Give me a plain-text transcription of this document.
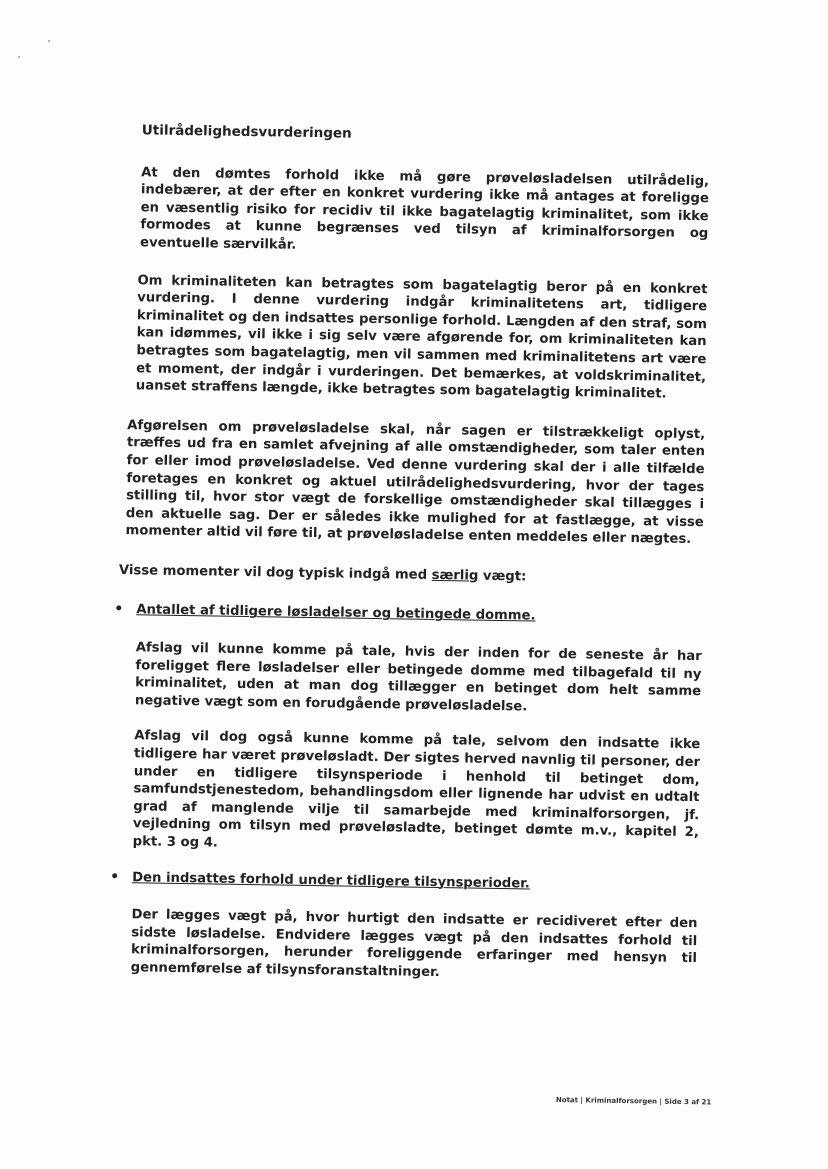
Utilrådelighedsvurderingen

At den dømtes forhold ikke må gøre prøveløsladelsen utilrådelig, indebærer, at der efter en konkret vurdering ikke må antages at foreligge en væsentlig risiko for recidiv til ikke bagatelagtig kriminalitet, som ikke formodes at kunne begrænses ved tilsyn af kriminalforsorgen og eventuelle særvilkår.

Om kriminaliteten kan betragtes som bagatelagtig beror på en konkret vurdering. I denne vurdering indgår kriminalitetens art, tidligere kriminalitet og den indsattes personlige forhold. Længden af den straf, som kan idømmes, vil ikke i sig selv være afgørende for, om kriminaliteten kan betragtes som bagatelagtig, men vil sammen med kriminalitetens art være et moment, der indgår i vurderingen. Det bemærkes, at voldskriminalitet, uanset straffens længde, ikke betragtes som bagatelagtig kriminalitet.

Afgørelsen om prøveløsladelse skal, når sagen er tilstrækkeligt oplyst, træffes ud fra en samlet afvejning af alle omstændigheder, som taler enten for eller imod prøveløsladelse. Ved denne vurdering skal der i alle tilfælde foretages en konkret og aktuel utilrådelighedsvurdering, hvor der tages stilling til, hvor stor vægt de forskellige omstændigheder skal tillægges i den aktuelle sag. Der er således ikke mulighed for at fastlægge, at visse momenter altid vil føre til, at prøveløsladelse enten meddeles eller nægtes.

Visse momenter vil dog typisk indgå med særlig vægt:

• Antallet af tidligere løsladelser og betingede domme.

Afslag vil kunne komme på tale, hvis der inden for de seneste år har foreligget flere løsladelser eller betingede domme med tilbagefald til ny kriminalitet, uden at man dog tillægger en betinget dom helt samme negative vægt som en forudgående prøveløsladelse.

Afslag vil dog også kunne komme på tale, selvom den indsatte ikke tidligere har været prøveløsladt. Der sigtes herved navnlig til personer, der under en tidligere tilsynsperiode i henhold til betinget dom, samfundstjenestedom, behandlingsdom eller lignende har udvist en udtalt grad af manglende vilje til samarbejde med kriminalforsorgen, jf. vejledning om tilsyn med prøveløsladte, betinget dømte m.v., kapitel 2, pkt. 3 og 4.

• Den indsattes forhold under tidligere tilsynsperioder.

Der lægges vægt på, hvor hurtigt den indsatte er recidiveret efter den sidste løsladelse. Endvidere lægges vægt på den indsattes forhold til kriminalforsorgen, herunder foreliggende erfaringer med hensyn til gennemførelse af tilsynsforanstaltninger.

Notat | Kriminalforsorgen | Side 3 af 21
